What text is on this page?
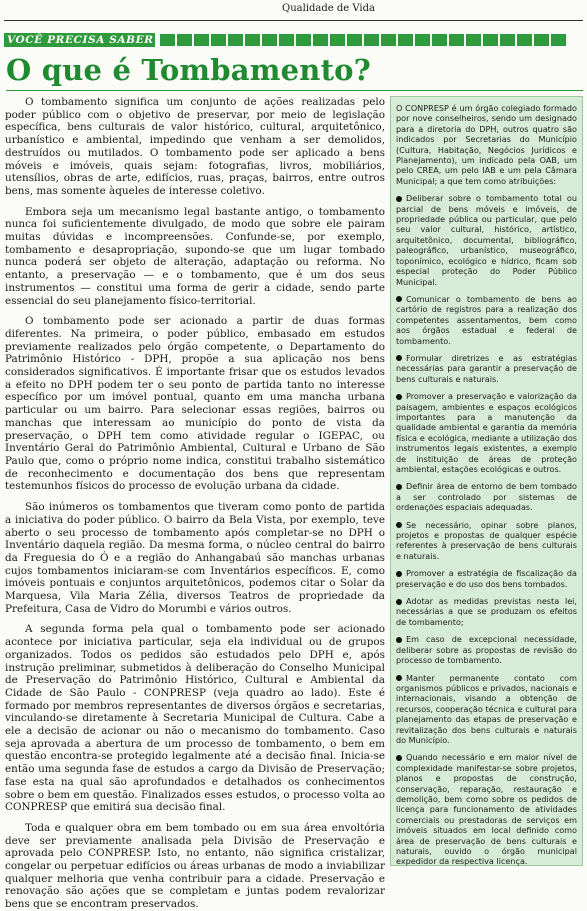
Qualidade de Vida
VOCÊ PRECISA SABER
O que é Tombamento?

O tombamento significa um conjunto de ações realizadas pelo poder público com o objetivo de preservar, por meio de legislação específica, bens culturais de valor histórico, cultural, arquitetônico, urbanístico e ambiental, impedindo que venham a ser demolidos, destruídos ou mutilados. O tombamento pode ser aplicado a bens móveis e imóveis, quais sejam: fotografias, livros, mobiliários, utensílios, obras de arte, edifícios, ruas, praças, bairros, entre outros bens, mas somente àqueles de interesse coletivo.

Embora seja um mecanismo legal bastante antigo, o tombamento nunca foi suficientemente divulgado, de modo que sobre ele pairam muitas dúvidas e incompreensões. Confunde-se, por exemplo, tombamento e desapropriação, supondo-se que um lugar tombado nunca poderá ser objeto de alteração, adaptação ou reforma. No entanto, a preservação — e o tombamento, que é um dos seus instrumentos — constitui uma forma de gerir a cidade, sendo parte essencial do seu planejamento físico-territorial.

O tombamento pode ser acionado a partir de duas formas diferentes. Na primeira, o poder público, embasado em estudos previamente realizados pelo órgão competente, o Departamento do Patrimônio Histórico - DPH, propõe a sua aplicação nos bens considerados significativos. É importante frisar que os estudos levados a efeito no DPH podem ter o seu ponto de partida tanto no interesse específico por um imóvel pontual, quanto em uma mancha urbana particular ou um bairro. Para selecionar essas regiões, bairros ou manchas que interessam ao município do ponto de vista da preservação, o DPH tem como atividade regular o IGEPAC, ou Inventário Geral do Patrimônio Ambiental, Cultural e Urbano de São Paulo que, como o próprio nome indica, constitui trabalho sistemático de reconhecimento e documentação dos bens que representam testemunhos físicos do processo de evolução urbana da cidade.

São inúmeros os tombamentos que tiveram como ponto de partida a iniciativa do poder público. O bairro da Bela Vista, por exemplo, teve aberto o seu processo de tombamento após completar-se no DPH o Inventário daquela região. Da mesma forma, o núcleo central do bairro da Freguesia do Ó e a região do Anhangabaú são manchas urbanas cujos tombamentos iniciaram-se com Inventários específicos. E, como imóveis pontuais e conjuntos arquitetônicos, podemos citar o Solar da Marquesa, Vila Maria Zélia, diversos Teatros de propriedade da Prefeitura, Casa de Vidro do Morumbi e vários outros.

A segunda forma pela qual o tombamento pode ser acionado acontece por iniciativa particular, seja ela individual ou de grupos organizados. Todos os pedidos são estudados pelo DPH e, após instrução preliminar, submetidos à deliberação do Conselho Municipal de Preservação do Patrimônio Histórico, Cultural e Ambiental da Cidade de São Paulo - CONPRESP (veja quadro ao lado). Este é formado por membros representantes de diversos órgãos e secretarias, vinculando-se diretamente à Secretaria Municipal de Cultura. Cabe a ele a decisão de acionar ou não o mecanismo do tombamento. Caso seja aprovada a abertura de um processo de tombamento, o bem em questão encontra-se protegido legalmente até a decisão final. Inicia-se então uma segunda fase de estudos a cargo da Divisão de Preservação; fase esta na qual são aprofundados e detalhados os conhecimentos sobre o bem em questão. Finalizados esses estudos, o processo volta ao CONPRESP que emitirá sua decisão final.

Toda e qualquer obra em bem tombado ou em sua área envoltória deve ser previamente analisada pela Divisão de Preservação e aprovada pelo CONPRESP. Isto, no entanto, não significa cristalizar, congelar ou perpetuar edifícios ou áreas urbanas de modo a inviabilizar qualquer melhoria que venha contribuir para a cidade. Preservação e renovação são ações que se completam e juntas podem revalorizar bens que se encontram preservados.

O CONPRESP é um órgão colegiado formado por nove conselheiros, sendo um designado para a diretoria do DPH, outros quatro são indicados por Secretarias do Município (Cultura, Habitação, Negócios Jurídicos e Planejamento), um indicado pela OAB, um pelo CREA, um pelo IAB e um pela Câmara Municipal; a que tem como atribuições:

Deliberar sobre o tombamento total ou parcial de bens móveis e imóveis, de propriedade pública ou particular, que pelo seu valor cultural, histórico, artístico, arquitetônico, documental, bibliográfico, paleográfico, urbanístico, museográfico, toponímico, ecológico e hídrico, ficam sob especial proteção do Poder Público Municipal.
Comunicar o tombamento de bens ao cartório de registros para a realização dos competentes assentamentos, bem como aos órgãos estadual e federal de tombamento.
Formular diretrizes e as estratégias necessárias para garantir a preservação de bens culturais e naturais.
Promover a preservação e valorização da paisagem, ambientes e espaços ecológicos importantes para a manutenção da qualidade ambiental e garantia da memória física e ecológica, mediante a utilização dos instrumentos legais existentes, a exemplo de instituição de áreas de proteção ambiental, estações ecológicas e outros.
Definir área de entorno de bem tombado a ser controlado por sistemas de ordenações espaciais adequadas.
Se necessário, opinar sobre planos, projetos e propostas de qualquer espécie referentes à preservação de bens culturais e naturais.
Promover a estratégia de fiscalização da preservação e do uso dos bens tombados.
Adotar as medidas previstas nesta lei, necessárias a que se produzam os efeitos de tombamento;
Em caso de excepcional necessidade, deliberar sobre as propostas de revisão do processo de tombamento.
Manter permanente contato com organismos públicos e privados, nacionais e internacionais, visando a obtenção de recursos, cooperação técnica e cultural para planejamento das etapas de preservação e revitalização dos bens culturais e naturais do Município.
Quando necessário e em maior nível de complexidade manifestar-se sobre projetos, planos e propostas de construção, conservação, reparação, restauração e demolição, bem como sobre os pedidos de licença para funcionamento de atividades comerciais ou prestadoras de serviços em imóveis situados em local definido como área de preservação de bens culturais e naturais, ouvido o órgão municipal expedidor da respectiva licença.
